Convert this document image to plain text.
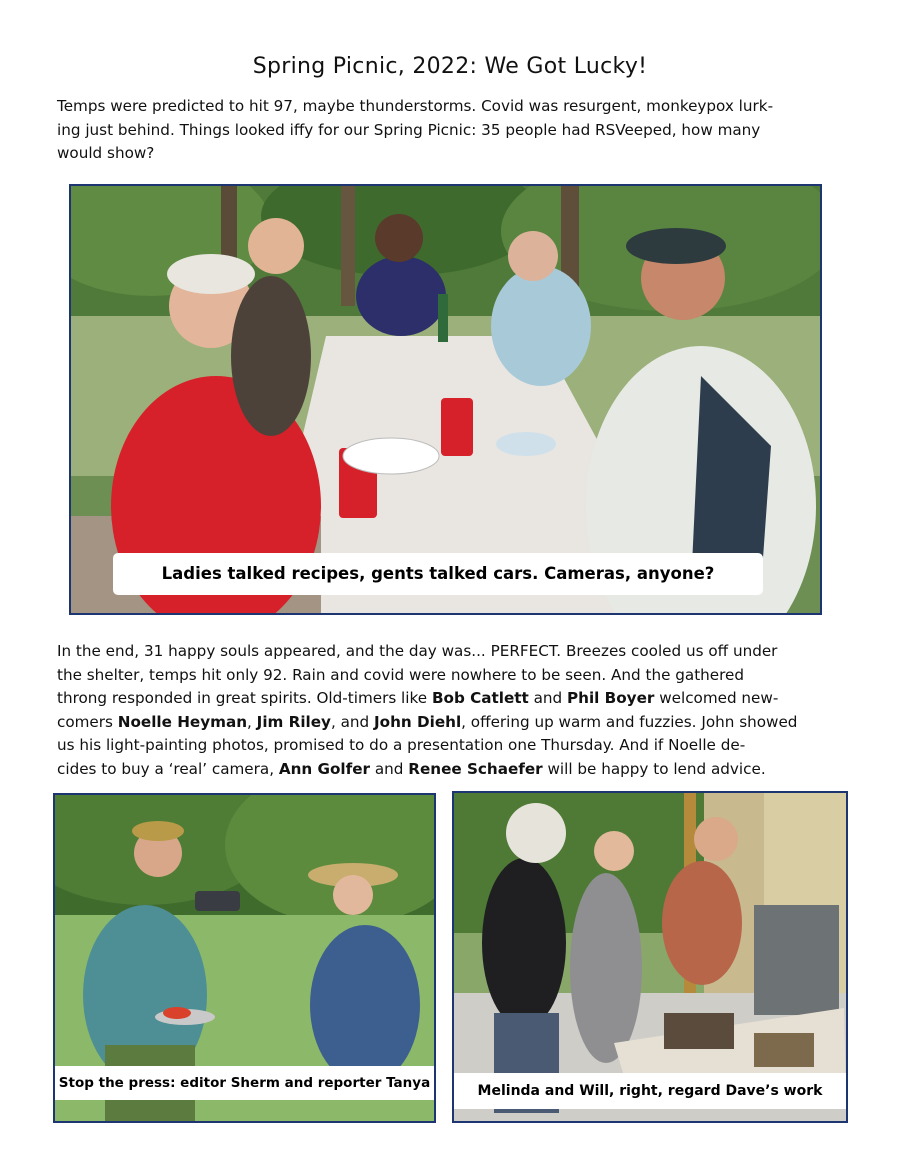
Spring Picnic, 2022: We Got Lucky!

Temps were predicted to hit 97, maybe thunderstorms. Covid was resurgent, monkeypox lurk-
ing just behind. Things looked iffy for our Spring Picnic: 35 people had RSVeeped, how many
would show?

Ladies talked recipes, gents talked cars. Cameras, anyone?

In the end, 31 happy souls appeared, and the day was... PERFECT. Breezes cooled us off under
the shelter, temps hit only 92. Rain and covid were nowhere to be seen. And the gathered
throng responded in great spirits. Old-timers like Bob Catlett and Phil Boyer welcomed new-
comers Noelle Heyman, Jim Riley, and John Diehl, offering up warm and fuzzies. John showed
us his light-painting photos, promised to do a presentation one Thursday. And if Noelle de-
cides to buy a ‘real’ camera, Ann Golfer and Renee Schaefer will be happy to lend advice.

Stop the press: editor Sherm and reporter Tanya	Melinda and Will, right, regard Dave’s work
